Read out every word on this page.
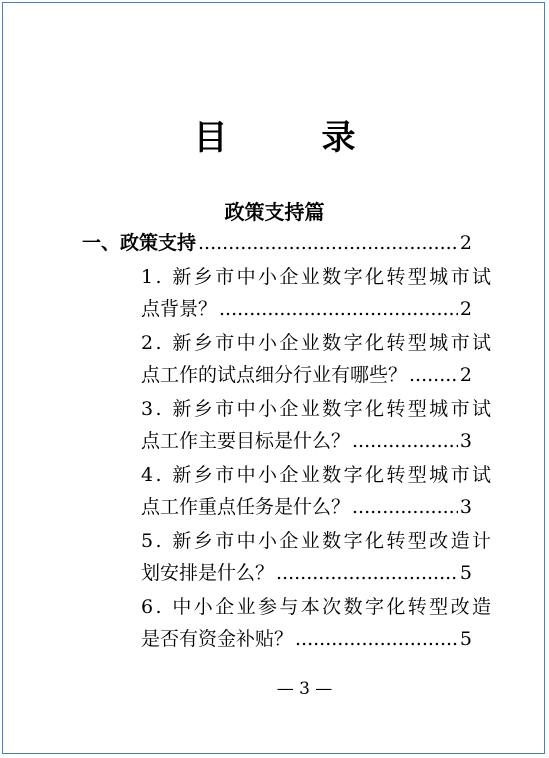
目　录
政策支持篇
一、政策支持 .....	2
1. 新乡市中小企业数字化转型城市试
点背景？ .....	2
2. 新乡市中小企业数字化转型城市试
点工作的试点细分行业有哪些？ .....	2
3. 新乡市中小企业数字化转型城市试
点工作主要目标是什么？ .....	3
4. 新乡市中小企业数字化转型城市试
点工作重点任务是什么？ .....	3
5. 新乡市中小企业数字化转型改造计
划安排是什么？ .....	5
6. 中小企业参与本次数字化转型改造
是否有资金补贴？ .....	5
— 3 —
